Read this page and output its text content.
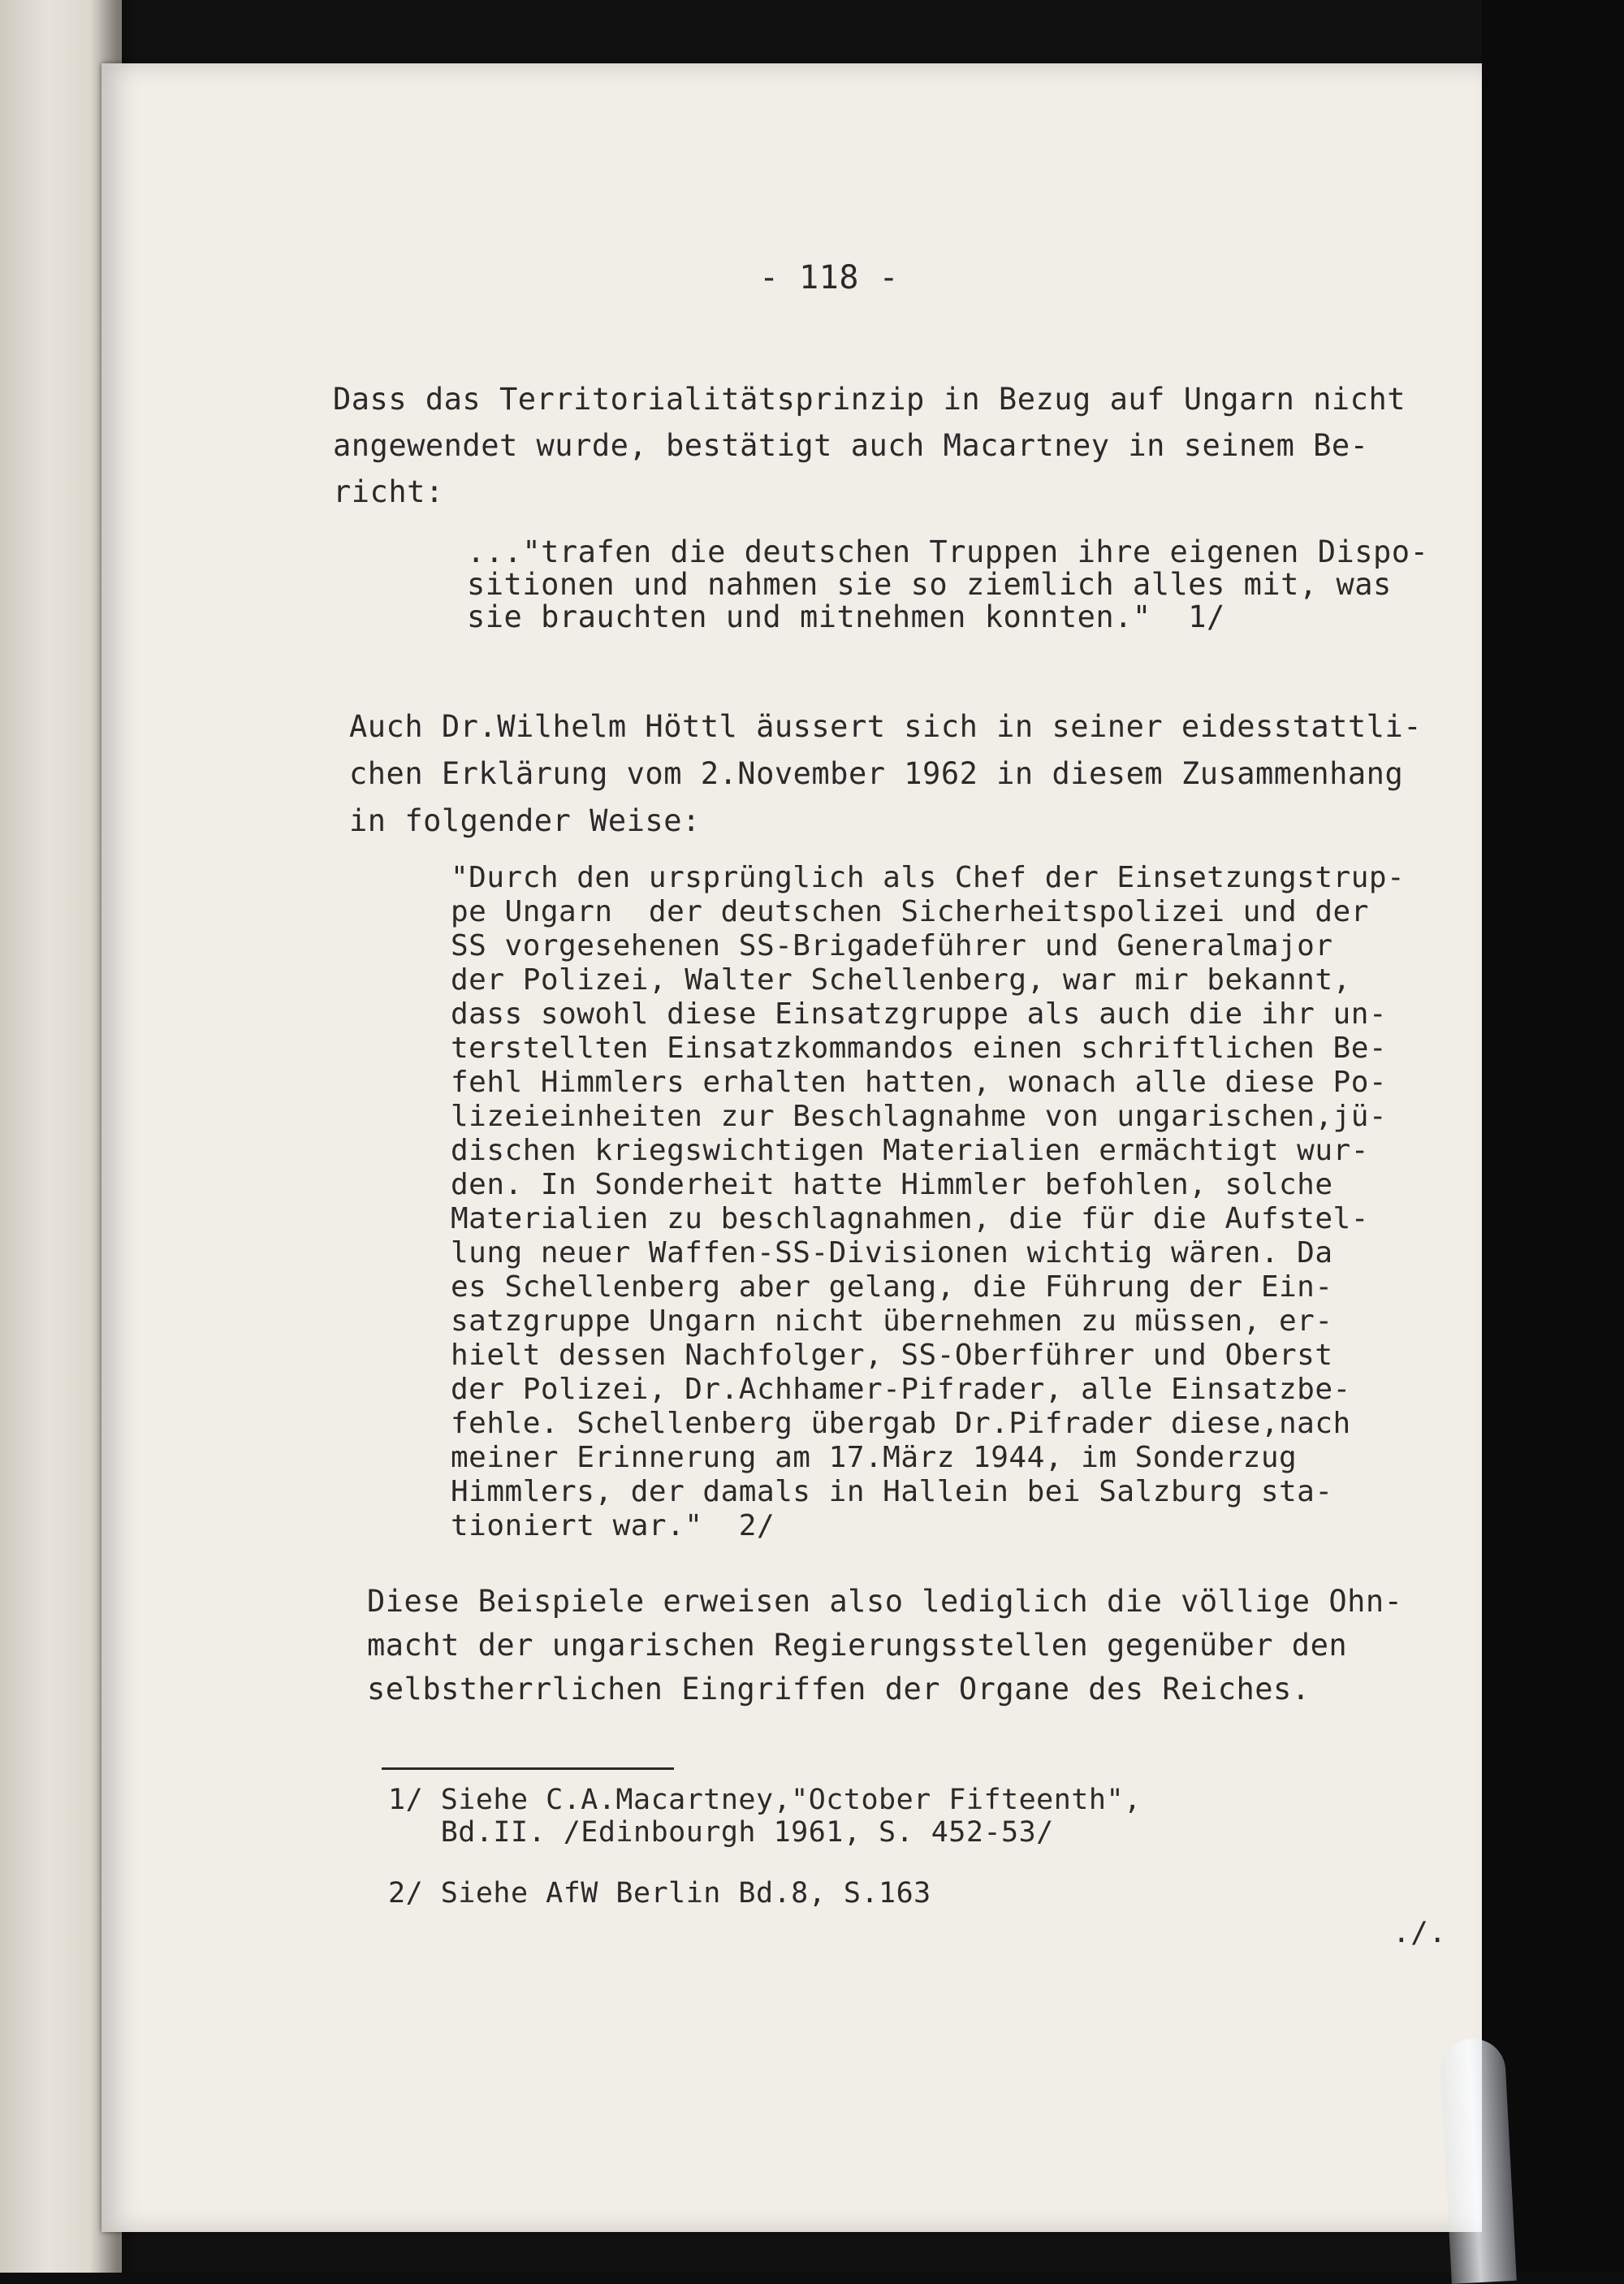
- 118 -
Dass das Territorialitätsprinzip in Bezug auf Ungarn nicht
angewendet wurde, bestätigt auch Macartney in seinem Be-
richt:
..."trafen die deutschen Truppen ihre eigenen Dispo-
sitionen und nahmen sie so ziemlich alles mit, was
sie brauchten und mitnehmen konnten."  1/
Auch Dr.Wilhelm Höttl äussert sich in seiner eidesstattli-
chen Erklärung vom 2.November 1962 in diesem Zusammenhang
in folgender Weise:
"Durch den ursprünglich als Chef der Einsetzungstrup-
pe Ungarn  der deutschen Sicherheitspolizei und der
SS vorgesehenen SS-Brigadeführer und Generalmajor
der Polizei, Walter Schellenberg, war mir bekannt,
dass sowohl diese Einsatzgruppe als auch die ihr un-
terstellten Einsatzkommandos einen schriftlichen Be-
fehl Himmlers erhalten hatten, wonach alle diese Po-
lizeieinheiten zur Beschlagnahme von ungarischen,jü-
dischen kriegswichtigen Materialien ermächtigt wur-
den. In Sonderheit hatte Himmler befohlen, solche
Materialien zu beschlagnahmen, die für die Aufstel-
lung neuer Waffen-SS-Divisionen wichtig wären. Da
es Schellenberg aber gelang, die Führung der Ein-
satzgruppe Ungarn nicht übernehmen zu müssen, er-
hielt dessen Nachfolger, SS-Oberführer und Oberst
der Polizei, Dr.Achhamer-Pifrader, alle Einsatzbe-
fehle. Schellenberg übergab Dr.Pifrader diese,nach
meiner Erinnerung am 17.März 1944, im Sonderzug
Himmlers, der damals in Hallein bei Salzburg sta-
tioniert war."  2/
Diese Beispiele erweisen also lediglich die völlige Ohn-
macht der ungarischen Regierungsstellen gegenüber den
selbstherrlichen Eingriffen der Organe des Reiches.
1/ Siehe C.A.Macartney,"October Fifteenth",
Bd.II. /Edinbourgh 1961, S. 452-53/
2/ Siehe AfW Berlin Bd.8, S.163
./.
